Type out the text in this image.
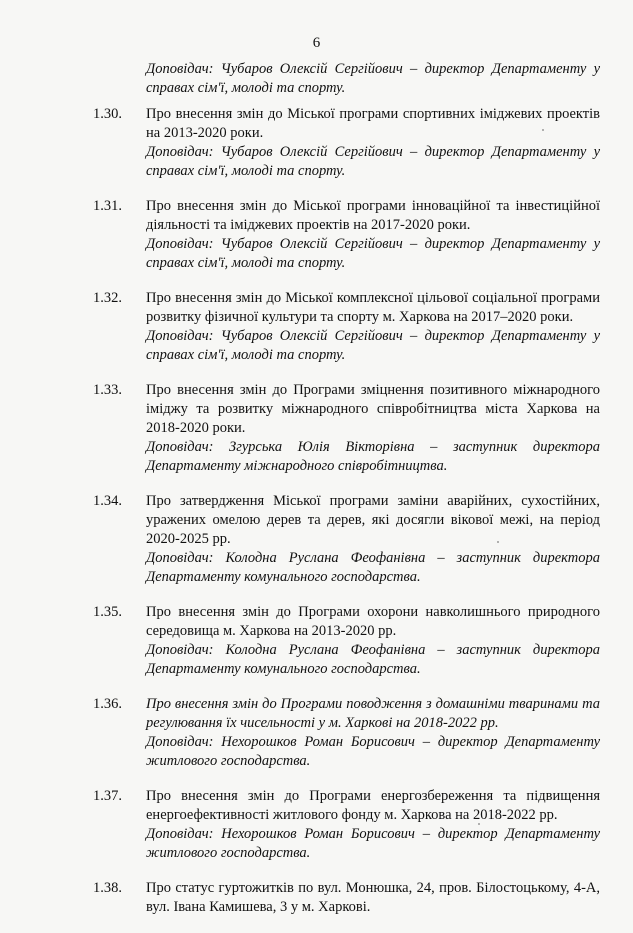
6
Доповідач: Чубаров Олексій Сергійович – директор Департаменту у справах сім'ї, молоді та спорту.
1.30. Про внесення змін до Міської програми спортивних іміджевих проектів на 2013-2020 роки.
Доповідач: Чубаров Олексій Сергійович – директор Департаменту у справах сім'ї, молоді та спорту.
1.31. Про внесення змін до Міської програми інноваційної та інвестиційної діяльності та іміджевих проектів на 2017-2020 роки.
Доповідач: Чубаров Олексій Сергійович – директор Департаменту у справах сім'ї, молоді та спорту.
1.32. Про внесення змін до Міської комплексної цільової соціальної програми розвитку фізичної культури та спорту м. Харкова на 2017–2020 роки.
Доповідач: Чубаров Олексій Сергійович – директор Департаменту у справах сім'ї, молоді та спорту.
1.33. Про внесення змін до Програми зміцнення позитивного міжнародного іміджу та розвитку міжнародного співробітництва міста Харкова на 2018-2020 роки.
Доповідач: Згурська Юлія Вікторівна – заступник директора Департаменту міжнародного співробітництва.
1.34. Про затвердження Міської програми заміни аварійних, сухостійних, уражених омелою дерев та дерев, які досягли вікової межі, на період 2020-2025 рр.
Доповідач: Колодна Руслана Феофанівна – заступник директора Департаменту комунального господарства.
1.35. Про внесення змін до Програми охорони навколишнього природного середовища м. Харкова на 2013-2020 рр.
Доповідач: Колодна Руслана Феофанівна – заступник директора Департаменту комунального господарства.
1.36. Про внесення змін до Програми поводження з домашніми тваринами та регулювання їх чисельності у м. Харкові на 2018-2022 рр.
Доповідач: Нехорошков Роман Борисович – директор Департаменту житлового господарства.
1.37. Про внесення змін до Програми енергозбереження та підвищення енергоефективності житлового фонду м. Харкова на 2018-2022 рр.
Доповідач: Нехорошков Роман Борисович – директор Департаменту житлового господарства.
1.38. Про статус гуртожитків по вул. Монюшка, 24, пров. Білостоцькому, 4-А, вул. Івана Камишева, 3 у м. Харкові.
